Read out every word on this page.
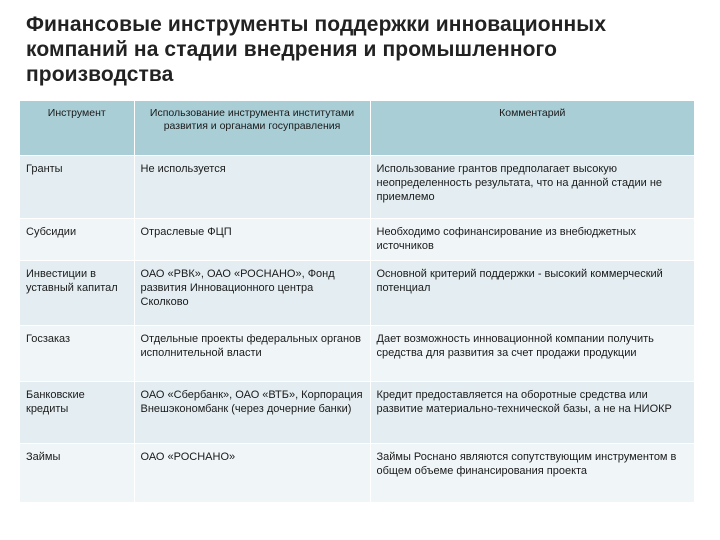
Финансовые инструменты поддержки инновационных компаний на стадии внедрения и промышленного производства
Инструмент	Использование инструмента институтами развития и органами госуправления	Комментарий
Гранты	Не используется	Использование грантов предполагает высокую неопределенность результата, что на данной стадии не приемлемо
Субсидии	Отраслевые ФЦП	Необходимо софинансирование из внебюджетных источников
Инвестиции в уставный капитал	ОАО «РВК», ОАО «РОСНАНО», Фонд развития Инновационного центра Сколково	Основной критерий поддержки - высокий коммерческий потенциал
Госзаказ	Отдельные проекты федеральных органов исполнительной власти	Дает возможность инновационной компании получить средства для развития за счет продажи продукции
Банковские кредиты	ОАО «Сбербанк», ОАО «ВТБ», Корпорация Внешэкономбанк (через дочерние банки)	Кредит предоставляется на оборотные средства или развитие материально-технической базы, а не на НИОКР
Займы	ОАО «РОСНАНО»	Займы Роснано являются сопутствующим инструментом в общем объеме финансирования проекта
